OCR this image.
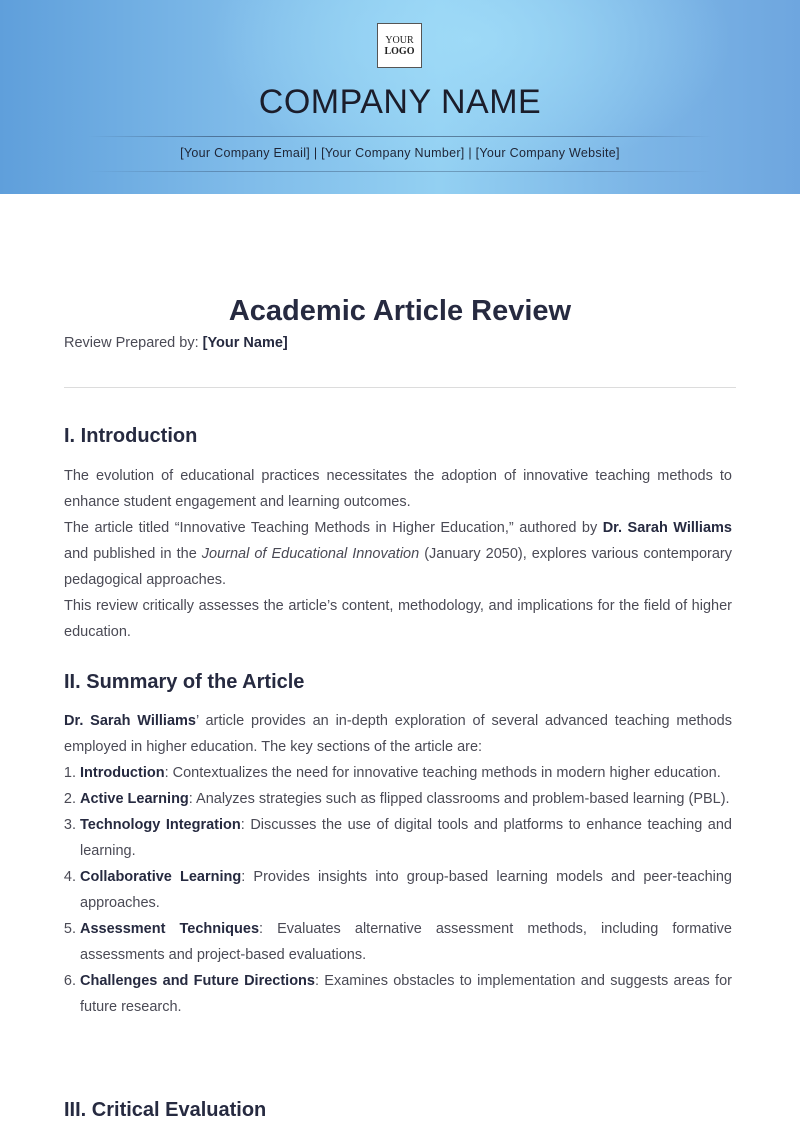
YOUR
LOGO
COMPANY NAME
[Your Company Email] | [Your Company Number] | [Your Company Website]
Academic Article Review
Review Prepared by: [Your Name]
I. Introduction

The evolution of educational practices necessitates the adoption of innovative teaching methods to enhance student engagement and learning outcomes.

The article titled “Innovative Teaching Methods in Higher Education,” authored by Dr. Sarah Williams and published in the Journal of Educational Innovation (January 2050), explores various contemporary pedagogical approaches.

This review critically assesses the article’s content, methodology, and implications for the field of higher education.

II. Summary of the Article

Dr. Sarah Williams’ article provides an in-depth exploration of several advanced teaching methods employed in higher education. The key sections of the article are:

1. Introduction: Contextualizes the need for innovative teaching methods in modern higher education.
2. Active Learning: Analyzes strategies such as flipped classrooms and problem-based learning (PBL).
3. Technology Integration: Discusses the use of digital tools and platforms to enhance teaching and learning.
4. Collaborative Learning: Provides insights into group-based learning models and peer-teaching approaches.
5. Assessment Techniques: Evaluates alternative assessment methods, including formative assessments and project-based evaluations.
6. Challenges and Future Directions: Examines obstacles to implementation and suggests areas for future research.
III. Critical Evaluation
